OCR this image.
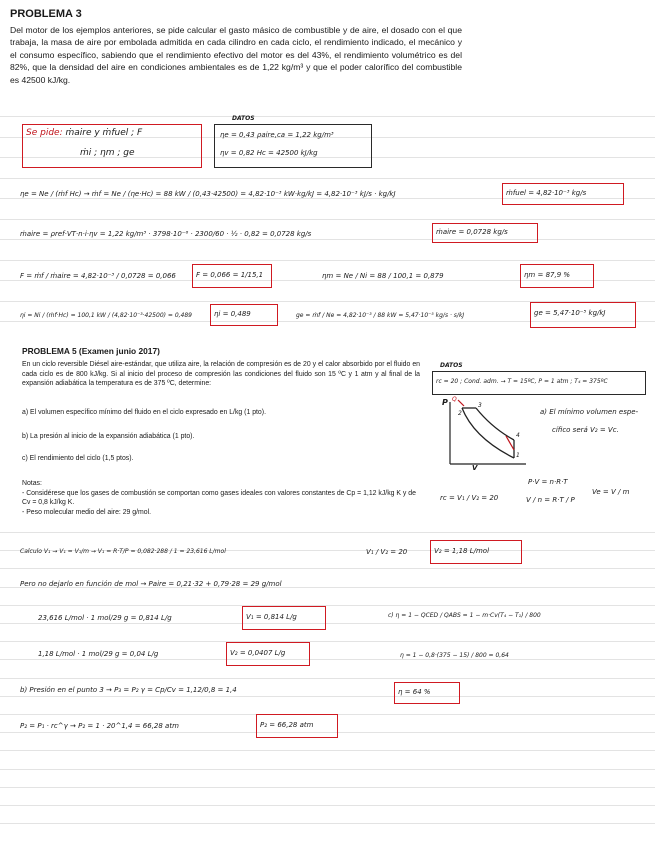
PROBLEMA 3
Del motor de los ejemplos anteriores, se pide calcular el gasto másico de combustible y de aire, el dosado con el que trabaja, la masa de aire por embolada admitida en cada cilindro en cada ciclo, el rendimiento indicado, el mecánico y el consumo específico, sabiendo que el rendimiento efectivo del motor es del 43%, el rendimiento volumétrico es del 82%, que la densidad del aire en condiciones ambientales es de 1,22 kg/m³ y que el poder calorífico del combustible es 42500 kJ/kg.
Se pide: ṁaire y ṁfuel ; F
ṁi ; ηm ; ge
DATOS
ηe = 0,43 ρaire,ca = 1,22 kg/m³
ηv = 0,82 Hc = 42500 kJ/kg
ηe = Ne / (ṁf Hc) → ṁf = Ne / (ηe·Hc) = 88 kW / (0,43·42500) = 4,82·10⁻³ kW·kg/kJ = 4,82·10⁻³ kJ/s · kg/kJ	ṁfuel = 4,82·10⁻³ kg/s
ṁaire = ρref·VT·n·i·ηv = 1,22 kg/m³ · 3798·10⁻⁶ · 2300/60 · ½ · 0,82 = 0,0728 kg/s	ṁaire = 0,0728 kg/s
F = ṁf / ṁaire = 4,82·10⁻³ / 0,0728 = 0,066	F = 0,066 = 1/15,1	ηm = Ne / Ni = 88 / 100,1 = 0,879	ηm = 87,9 %
ηi = Ni / (ṁf·Hc) = 100,1 kW / (4,82·10⁻³·42500) = 0,489	ηi = 0,489	ge = ṁf / Ne = 4,82·10⁻³ / 88 kW = 5,47·10⁻⁵ kg/s · s/kJ	ge = 5,47·10⁻⁵ kg/kJ
PROBLEMA 5 (Examen junio 2017)
En un ciclo reversible Diésel aire-estándar, que utiliza aire, la relación de compresión es de 20 y el calor absorbido por el fluido en cada ciclo es de 800 kJ/kg. Si al inicio del proceso de compresión las condiciones del fluido son 15 ºC y 1 atm y al final de la expansión adiabática la temperatura es de 375 ºC, determine:
a) El volumen específico mínimo del fluido en el ciclo expresado en L/kg (1 pto).
b) La presión al inicio de la expansión adiabática (1 pto).
c) El rendimiento del ciclo (1,5 ptos).
Notas:
- Considérese que los gases de combustión se comportan como gases ideales con valores constantes de Cp = 1,12 kJ/kg K y de Cv = 0,8 kJ/kg K.
- Peso molecular medio del aire: 29 g/mol.
DATOS
rc = 20 ; Cond. adm. → T = 15ºC, P = 1 atm ; T₄ = 375ºC
P
V
Q
2
3
4
1
a) El mínimo volumen espe-
cífico será V₂ = Vc.
P·V = n·R·T
Ve = V / m
rc = V₁ / V₂ = 20	V / n = R·T / P
Calculo V₁ → V₁ = V₁/m → V₁ = R·T/P = 0,082·288 / 1 = 23,616 L/mol	V₁ / V₂ = 20	V₂ = 1,18 L/mol
Pero no dejarlo en función de mol → Paire = 0,21·32 + 0,79·28 = 29 g/mol
23,616 L/mol · 1 mol/29 g = 0,814 L/g	V₁ = 0,814 L/g
1,18 L/mol · 1 mol/29 g = 0,04 L/g	V₂ = 0,0407 L/g
c) η = 1 − QCED / QABS = 1 − m·Cv(T₄ − T₁) / 800
η = 1 − 0,8·(375 − 15) / 800 = 0,64
η = 64 %
b) Presión en el punto 3 → P₃ = P₂ γ = Cp/Cv = 1,12/0,8 = 1,4
P₂ = P₁ · rc^γ → P₂ = 1 · 20^1,4 = 66,28 atm	P₂ = 66,28 atm
